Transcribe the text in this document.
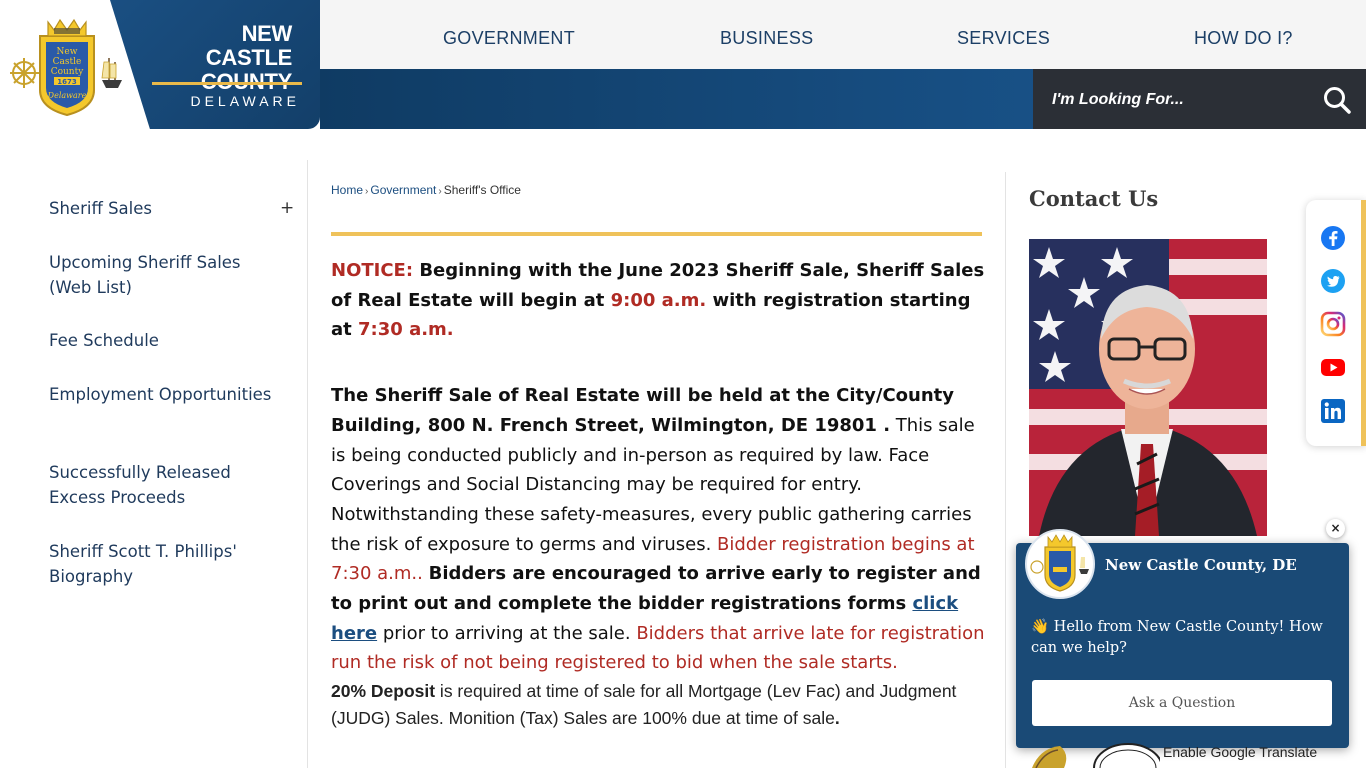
New
Castle
County
1673
Delaware
NEW CASTLE
DELAWARE
GOVERNMENT	BUSINESS	SERVICES	HOW DO I?
I'm Looking For...
Sheriff Sales	+
Upcoming Sheriff Sales (Web List)
Fee Schedule
Employment Opportunities
Successfully Released Excess Proceeds
Sheriff Scott T. Phillips' Biography
Home › Government › Sheriff's Office

NOTICE: Beginning with the June 2023 Sheriff Sale, Sheriff Sales of Real Estate will begin at 9:00 a.m. with registration starting at 7:30 a.m.

The Sheriff Sale of Real Estate will be held at the City/County Building, 800 N. French Street, Wilmington, DE 19801 . This sale is being conducted publicly and in-person as required by law. Face Coverings and Social Distancing may be required for entry. Notwithstanding these safety-measures, every public gathering carries the risk of exposure to germs and viruses. Bidder registration begins at 7:30 a.m.. Bidders are encouraged to arrive early to register and to print out and complete the bidder registrations forms click here prior to arriving at the sale. Bidders that arrive late for registration run the risk of not being registered to bid when the sale starts.

20% Deposit is required at time of sale for all Mortgage (Lev Fac) and Judgment (JUDG) Sales. Monition (Tax) Sales are 100% due at time of sale.

Contact Us
New Castle County, DE
👋 Hello from New Castle County! How can we help?
Ask a Question
×
Enable Google Translate
